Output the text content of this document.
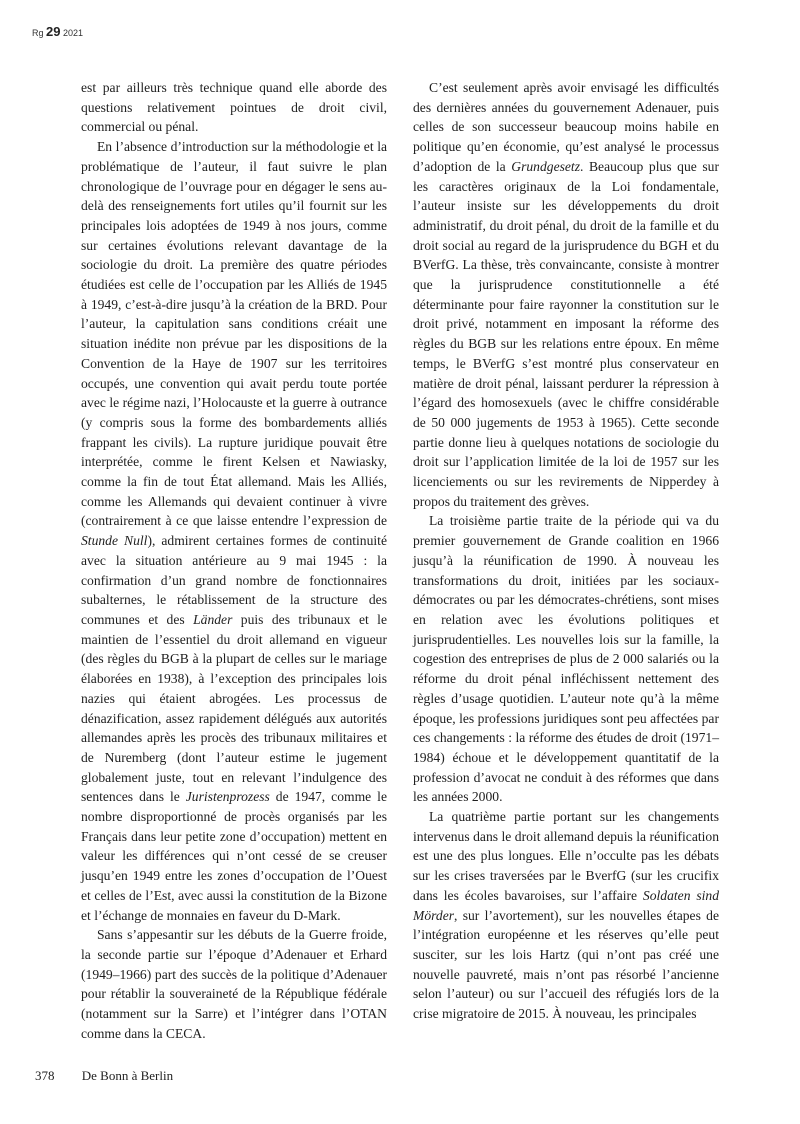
Rg 29 2021

est par ailleurs très technique quand elle aborde des questions relativement pointues de droit civil, commercial ou pénal.

En l’absence d’introduction sur la méthodologie et la problématique de l’auteur, il faut suivre le plan chronologique de l’ouvrage pour en dégager le sens au-delà des renseignements fort utiles qu’il fournit sur les principales lois adoptées de 1949 à nos jours, comme sur certaines évolutions relevant davantage de la sociologie du droit. La première des quatre périodes étudiées est celle de l’occupation par les Alliés de 1945 à 1949, c’est-à-dire jusqu’à la création de la BRD. Pour l’auteur, la capitulation sans conditions créait une situation inédite non prévue par les dispositions de la Convention de la Haye de 1907 sur les territoires occupés, une convention qui avait perdu toute portée avec le régime nazi, l’Holocauste et la guerre à outrance (y compris sous la forme des bombardements alliés frappant les civils). La rupture juridique pouvait être interprétée, comme le firent Kelsen et Nawiasky, comme la fin de tout État allemand. Mais les Alliés, comme les Allemands qui devaient continuer à vivre (contrairement à ce que laisse entendre l’expression de Stunde Null), admirent certaines formes de continuité avec la situation antérieure au 9 mai 1945 : la confirmation d’un grand nombre de fonctionnaires subalternes, le rétablissement de la structure des communes et des Länder puis des tribunaux et le maintien de l’essentiel du droit allemand en vigueur (des règles du BGB à la plupart de celles sur le mariage élaborées en 1938), à l’exception des principales lois nazies qui étaient abrogées. Les processus de dénazification, assez rapidement délégués aux autorités allemandes après les procès des tribunaux militaires et de Nuremberg (dont l’auteur estime le jugement globalement juste, tout en relevant l’indulgence des sentences dans le Juristenprozess de 1947, comme le nombre disproportionné de procès organisés par les Français dans leur petite zone d’occupation) mettent en valeur les différences qui n’ont cessé de se creuser jusqu’en 1949 entre les zones d’occupation de l’Ouest et celles de l’Est, avec aussi la constitution de la Bizone et l’échange de monnaies en faveur du D-Mark.

Sans s’appesantir sur les débuts de la Guerre froide, la seconde partie sur l’époque d’Adenauer et Erhard (1949–1966) part des succès de la politique d’Adenauer pour rétablir la souveraineté de la République fédérale (notamment sur la Sarre) et l’intégrer dans l’OTAN comme dans la CECA.

C’est seulement après avoir envisagé les difficultés des dernières années du gouvernement Adenauer, puis celles de son successeur beaucoup moins habile en politique qu’en économie, qu’est analysé le processus d’adoption de la Grundgesetz. Beaucoup plus que sur les caractères originaux de la Loi fondamentale, l’auteur insiste sur les développements du droit administratif, du droit pénal, du droit de la famille et du droit social au regard de la jurisprudence du BGH et du BVerfG. La thèse, très convaincante, consiste à montrer que la jurisprudence constitutionnelle a été déterminante pour faire rayonner la constitution sur le droit privé, notamment en imposant la réforme des règles du BGB sur les relations entre époux. En même temps, le BVerfG s’est montré plus conservateur en matière de droit pénal, laissant perdurer la répression à l’égard des homosexuels (avec le chiffre considérable de 50 000 jugements de 1953 à 1965). Cette seconde partie donne lieu à quelques notations de sociologie du droit sur l’application limitée de la loi de 1957 sur les licenciements ou sur les revirements de Nipperdey à propos du traitement des grèves.

La troisième partie traite de la période qui va du premier gouvernement de Grande coalition en 1966 jusqu’à la réunification de 1990. À nouveau les transformations du droit, initiées par les sociaux-démocrates ou par les démocrates-chrétiens, sont mises en relation avec les évolutions politiques et jurisprudentielles. Les nouvelles lois sur la famille, la cogestion des entreprises de plus de 2 000 salariés ou la réforme du droit pénal infléchissent nettement des règles d’usage quotidien. L’auteur note qu’à la même époque, les professions juridiques sont peu affectées par ces changements : la réforme des études de droit (1971–1984) échoue et le développement quantitatif de la profession d’avocat ne conduit à des réformes que dans les années 2000.

La quatrième partie portant sur les changements intervenus dans le droit allemand depuis la réunification est une des plus longues. Elle n’occulte pas les débats sur les crises traversées par le BverfG (sur les crucifix dans les écoles bavaroises, sur l’affaire Soldaten sind Mörder, sur l’avortement), sur les nouvelles étapes de l’intégration européenne et les réserves qu’elle peut susciter, sur les lois Hartz (qui n’ont pas créé une nouvelle pauvreté, mais n’ont pas résorbé l’ancienne selon l’auteur) ou sur l’accueil des réfugiés lors de la crise migratoire de 2015. À nouveau, les principales

378 De Bonn à Berlin
